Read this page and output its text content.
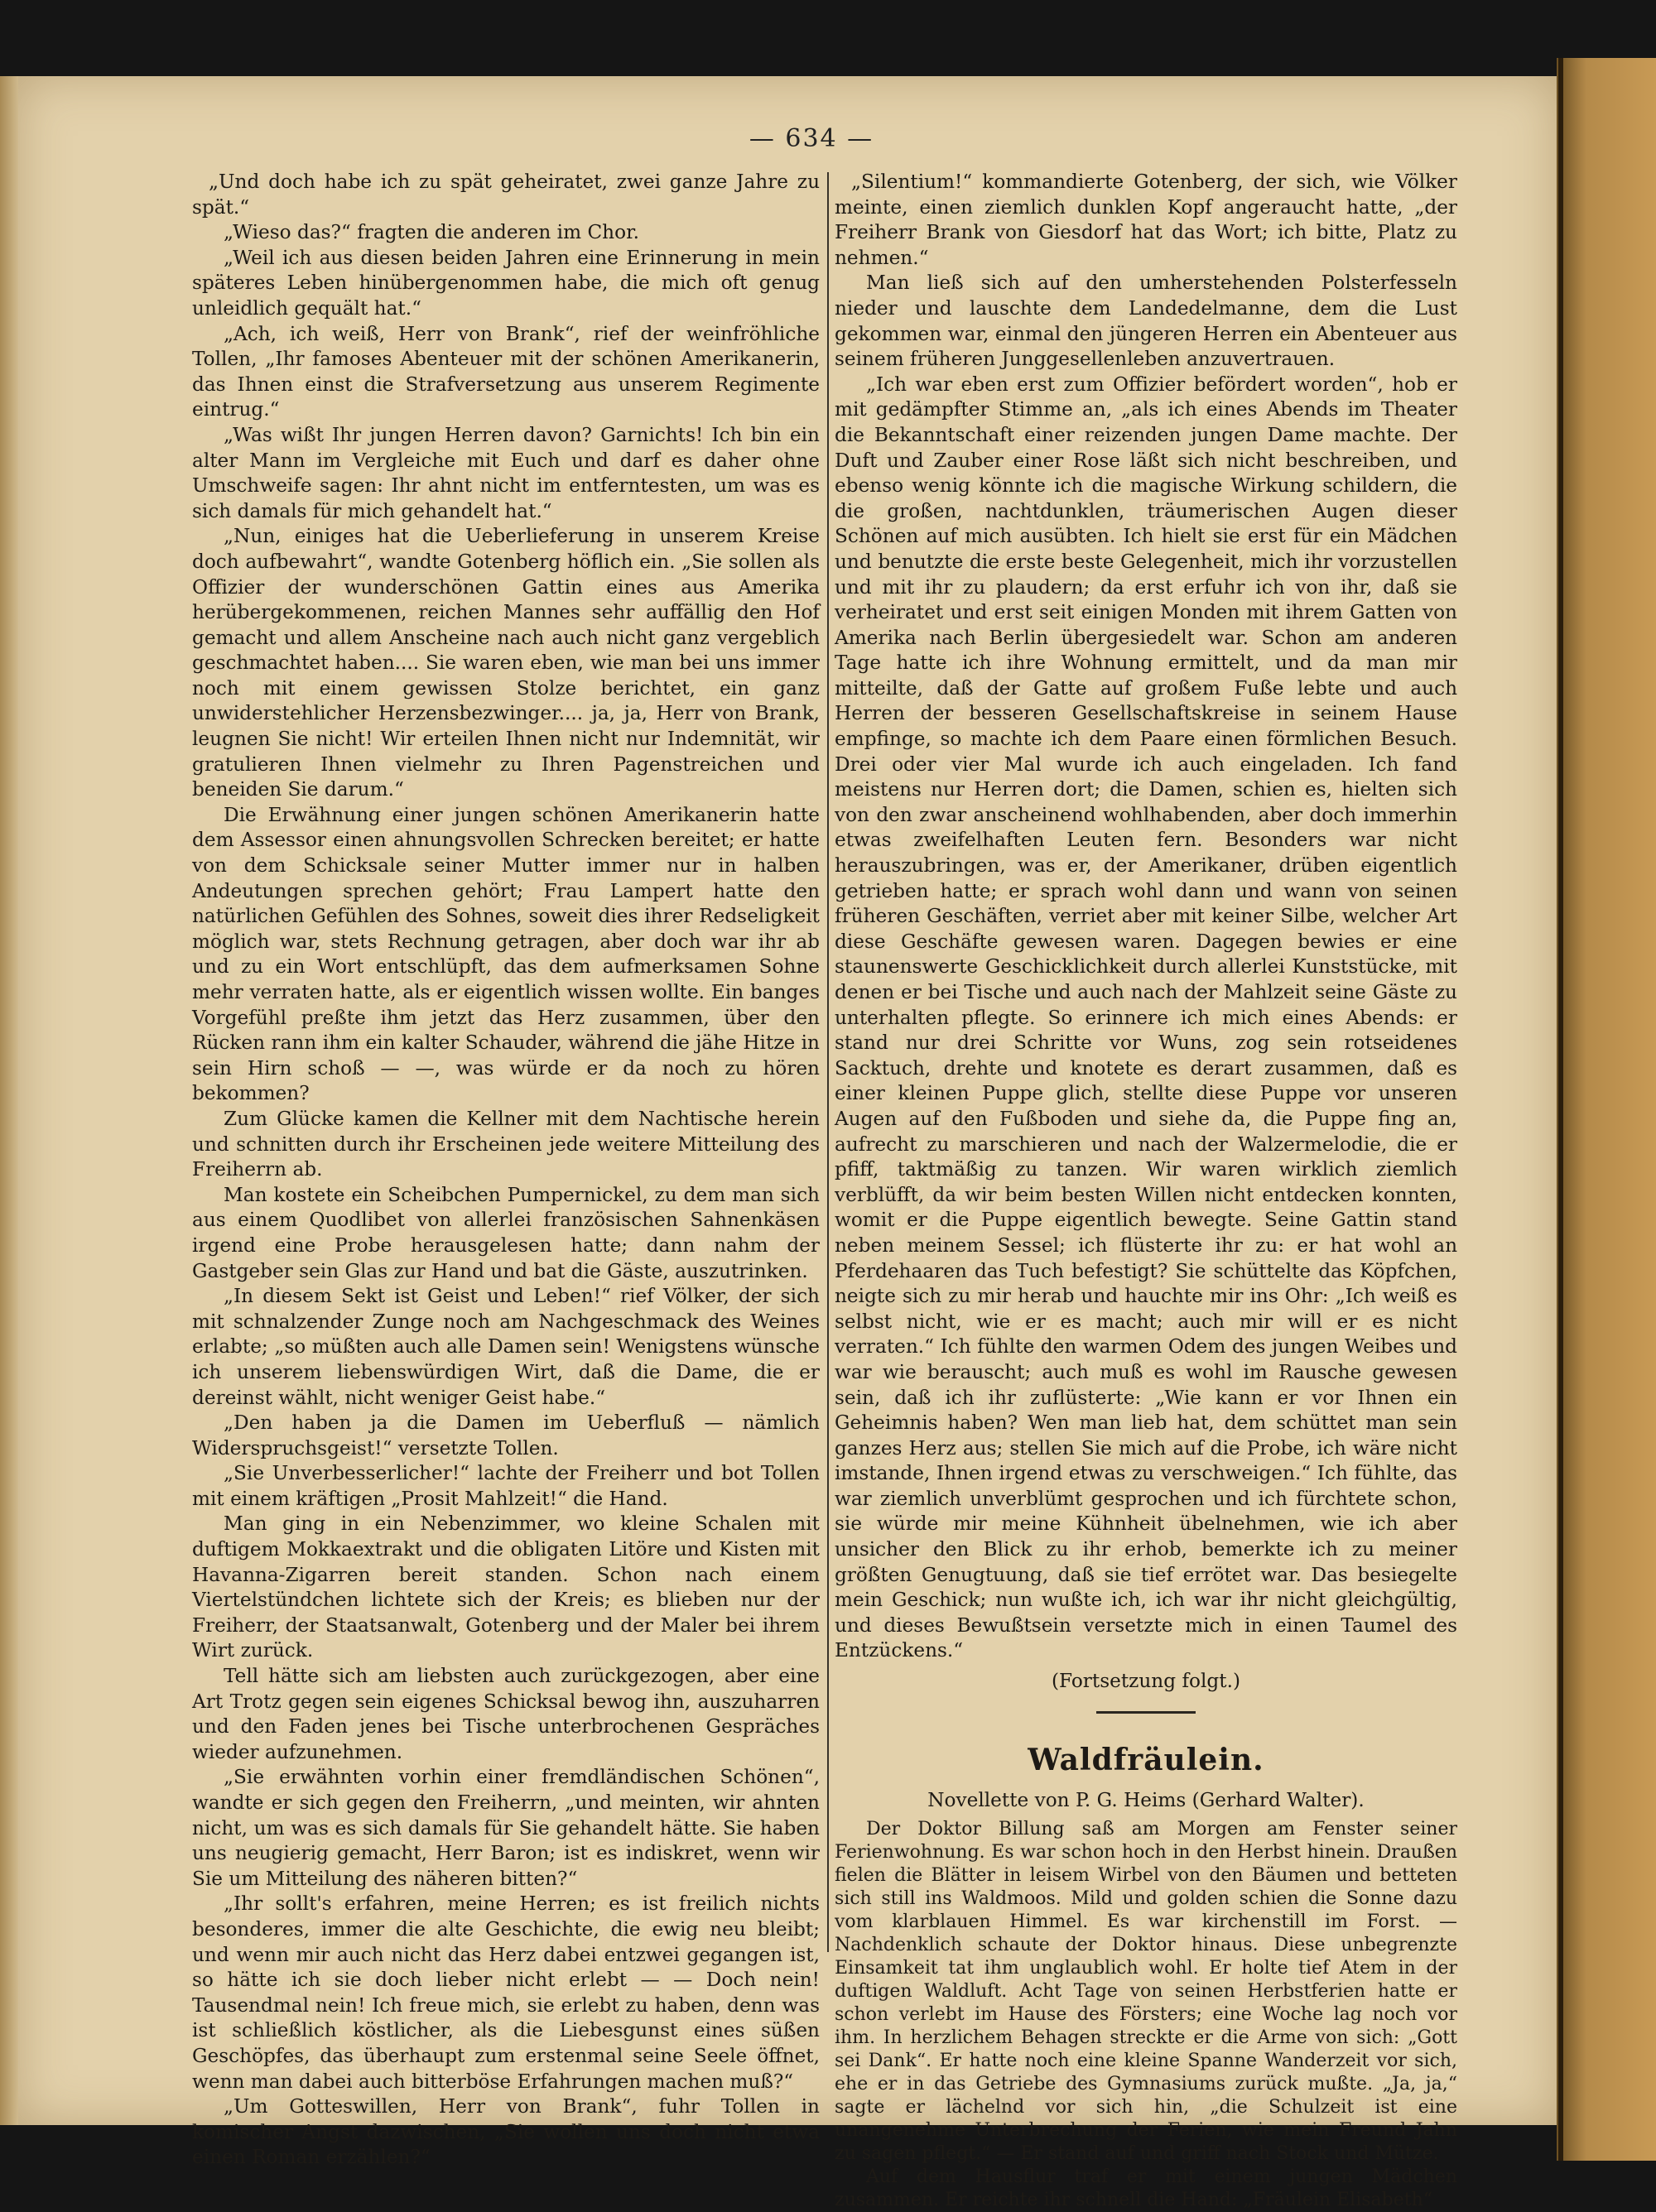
— 634 —

„Und doch habe ich zu spät geheiratet, zwei ganze Jahre zu spät.“

„Wieso das?“ fragten die anderen im Chor.

„Weil ich aus diesen beiden Jahren eine Erinnerung in mein späteres Leben hinübergenommen habe, die mich oft genug unleidlich gequält hat.“

„Ach, ich weiß, Herr von Brank“, rief der weinfröhliche Tollen, „Ihr famoses Abenteuer mit der schönen Amerikanerin, das Ihnen einst die Strafversetzung aus unserem Regimente eintrug.“

„Was wißt Ihr jungen Herren davon? Garnichts! Ich bin ein alter Mann im Vergleiche mit Euch und darf es daher ohne Umschweife sagen: Ihr ahnt nicht im entferntesten, um was es sich damals für mich gehandelt hat.“

„Nun, einiges hat die Ueberlieferung in unserem Kreise doch aufbewahrt“, wandte Gotenberg höflich ein. „Sie sollen als Offizier der wunderschönen Gattin eines aus Amerika herübergekommenen, reichen Mannes sehr auffällig den Hof gemacht und allem Anscheine nach auch nicht ganz vergeblich geschmachtet haben.... Sie waren eben, wie man bei uns immer noch mit einem gewissen Stolze berichtet, ein ganz unwiderstehlicher Herzensbezwinger.... ja, ja, Herr von Brank, leugnen Sie nicht! Wir erteilen Ihnen nicht nur Indemnität, wir gratulieren Ihnen vielmehr zu Ihren Pagenstreichen und beneiden Sie darum.“

Die Erwähnung einer jungen schönen Amerikanerin hatte dem Assessor einen ahnungsvollen Schrecken bereitet; er hatte von dem Schicksale seiner Mutter immer nur in halben Andeutungen sprechen gehört; Frau Lampert hatte den natürlichen Gefühlen des Sohnes, soweit dies ihrer Redseligkeit möglich war, stets Rechnung getragen, aber doch war ihr ab und zu ein Wort entschlüpft, das dem aufmerksamen Sohne mehr verraten hatte, als er eigentlich wissen wollte. Ein banges Vorgefühl preßte ihm jetzt das Herz zusammen, über den Rücken rann ihm ein kalter Schauder, während die jähe Hitze in sein Hirn schoß — —, was würde er da noch zu hören bekommen?

Zum Glücke kamen die Kellner mit dem Nachtische herein und schnitten durch ihr Erscheinen jede weitere Mitteilung des Freiherrn ab.

Man kostete ein Scheibchen Pumpernickel, zu dem man sich aus einem Quodlibet von allerlei französischen Sahnenkäsen irgend eine Probe herausgelesen hatte; dann nahm der Gastgeber sein Glas zur Hand und bat die Gäste, auszutrinken.

„In diesem Sekt ist Geist und Leben!“ rief Völker, der sich mit schnalzender Zunge noch am Nachgeschmack des Weines erlabte; „so müßten auch alle Damen sein! Wenigstens wünsche ich unserem liebenswürdigen Wirt, daß die Dame, die er dereinst wählt, nicht weniger Geist habe.“

„Den haben ja die Damen im Ueberfluß — nämlich Widerspruchsgeist!“ versetzte Tollen.

„Sie Unverbesserlicher!“ lachte der Freiherr und bot Tollen mit einem kräftigen „Prosit Mahlzeit!“ die Hand.

Man ging in ein Nebenzimmer, wo kleine Schalen mit duftigem Mokkaextrakt und die obligaten Litöre und Kisten mit Havanna-Zigarren bereit standen. Schon nach einem Viertelstündchen lichtete sich der Kreis; es blieben nur der Freiherr, der Staatsanwalt, Gotenberg und der Maler bei ihrem Wirt zurück.

Tell hätte sich am liebsten auch zurückgezogen, aber eine Art Trotz gegen sein eigenes Schicksal bewog ihn, auszuharren und den Faden jenes bei Tische unterbrochenen Gespräches wieder aufzunehmen.

„Sie erwähnten vorhin einer fremdländischen Schönen“, wandte er sich gegen den Freiherrn, „und meinten, wir ahnten nicht, um was es sich damals für Sie gehandelt hätte. Sie haben uns neugierig gemacht, Herr Baron; ist es indiskret, wenn wir Sie um Mitteilung des näheren bitten?“

„Ihr sollt's erfahren, meine Herren; es ist freilich nichts besonderes, immer die alte Geschichte, die ewig neu bleibt; und wenn mir auch nicht das Herz dabei entzwei gegangen ist, so hätte ich sie doch lieber nicht erlebt — — Doch nein! Tausendmal nein! Ich freue mich, sie erlebt zu haben, denn was ist schließlich köstlicher, als die Liebesgunst eines süßen Geschöpfes, das überhaupt zum erstenmal seine Seele öffnet, wenn man dabei auch bitterböse Erfahrungen machen muß?“

„Um Gotteswillen, Herr von Brank“, fuhr Tollen in komischer Angst dazwischen, „Sie wollen uns doch nicht etwa einen Roman erzählen?“

„Silentium!“ kommandierte Gotenberg, der sich, wie Völker meinte, einen ziemlich dunklen Kopf angeraucht hatte, „der Freiherr Brank von Giesdorf hat das Wort; ich bitte, Platz zu nehmen.“

Man ließ sich auf den umherstehenden Polsterfesseln nieder und lauschte dem Landedelmanne, dem die Lust gekommen war, einmal den jüngeren Herren ein Abenteuer aus seinem früheren Junggesellenleben anzuvertrauen.

„Ich war eben erst zum Offizier befördert worden“, hob er mit gedämpfter Stimme an, „als ich eines Abends im Theater die Bekanntschaft einer reizenden jungen Dame machte. Der Duft und Zauber einer Rose läßt sich nicht beschreiben, und ebenso wenig könnte ich die magische Wirkung schildern, die die großen, nachtdunklen, träumerischen Augen dieser Schönen auf mich ausübten. Ich hielt sie erst für ein Mädchen und benutzte die erste beste Gelegenheit, mich ihr vorzustellen und mit ihr zu plaudern; da erst erfuhr ich von ihr, daß sie verheiratet und erst seit einigen Monden mit ihrem Gatten von Amerika nach Berlin übergesiedelt war. Schon am anderen Tage hatte ich ihre Wohnung ermittelt, und da man mir mitteilte, daß der Gatte auf großem Fuße lebte und auch Herren der besseren Gesellschaftskreise in seinem Hause empfinge, so machte ich dem Paare einen förmlichen Besuch. Drei oder vier Mal wurde ich auch eingeladen. Ich fand meistens nur Herren dort; die Damen, schien es, hielten sich von den zwar anscheinend wohlhabenden, aber doch immerhin etwas zweifelhaften Leuten fern. Besonders war nicht herauszubringen, was er, der Amerikaner, drüben eigentlich getrieben hatte; er sprach wohl dann und wann von seinen früheren Geschäften, verriet aber mit keiner Silbe, welcher Art diese Geschäfte gewesen waren. Dagegen bewies er eine staunenswerte Geschicklichkeit durch allerlei Kunststücke, mit denen er bei Tische und auch nach der Mahlzeit seine Gäste zu unterhalten pflegte. So erinnere ich mich eines Abends: er stand nur drei Schritte vor Wuns, zog sein rotseidenes Sacktuch, drehte und knotete es derart zusammen, daß es einer kleinen Puppe glich, stellte diese Puppe vor unseren Augen auf den Fußboden und siehe da, die Puppe fing an, aufrecht zu marschieren und nach der Walzermelodie, die er pfiff, taktmäßig zu tanzen. Wir waren wirklich ziemlich verblüfft, da wir beim besten Willen nicht entdecken konnten, womit er die Puppe eigentlich bewegte. Seine Gattin stand neben meinem Sessel; ich flüsterte ihr zu: er hat wohl an Pferdehaaren das Tuch befestigt? Sie schüttelte das Köpfchen, neigte sich zu mir herab und hauchte mir ins Ohr: „Ich weiß es selbst nicht, wie er es macht; auch mir will er es nicht verraten.“ Ich fühlte den warmen Odem des jungen Weibes und war wie berauscht; auch muß es wohl im Rausche gewesen sein, daß ich ihr zuflüsterte: „Wie kann er vor Ihnen ein Geheimnis haben? Wen man lieb hat, dem schüttet man sein ganzes Herz aus; stellen Sie mich auf die Probe, ich wäre nicht imstande, Ihnen irgend etwas zu verschweigen.“ Ich fühlte, das war ziemlich unverblümt gesprochen und ich fürchtete schon, sie würde mir meine Kühnheit übelnehmen, wie ich aber unsicher den Blick zu ihr erhob, bemerkte ich zu meiner größten Genugtuung, daß sie tief errötet war. Das besiegelte mein Geschick; nun wußte ich, ich war ihr nicht gleichgültig, und dieses Bewußtsein versetzte mich in einen Taumel des Entzückens.“

(Fortsetzung folgt.)

Waldfräulein.

Novellette von P. G. Heims (Gerhard Walter).

Der Doktor Billung saß am Morgen am Fenster seiner Ferienwohnung. Es war schon hoch in den Herbst hinein. Draußen fielen die Blätter in leisem Wirbel von den Bäumen und betteten sich still ins Waldmoos. Mild und golden schien die Sonne dazu vom klarblauen Himmel. Es war kirchenstill im Forst. — Nachdenklich schaute der Doktor hinaus. Diese unbegrenzte Einsamkeit tat ihm unglaublich wohl. Er holte tief Atem in der duftigen Waldluft. Acht Tage von seinen Herbstferien hatte er schon verlebt im Hause des Försters; eine Woche lag noch vor ihm. In herzlichem Behagen streckte er die Arme von sich: „Gott sei Dank“. Er hatte noch eine kleine Spanne Wanderzeit vor sich, ehe er in das Getriebe des Gymnasiums zurück mußte. „Ja, ja,“ sagte er lächelnd vor sich hin, „die Schulzeit ist eine unangenehme Unterbrechung der Ferien, wie mein Freund Jahn zu sagen pflegt.“ — Er stand auf und griff nach Stock und Mütze.

Auf dem Hausflur traf er mit einem jungen Mädchen zusammen. Er reichte ihr schnell die Hand: „Fräulein Elisabeth“
